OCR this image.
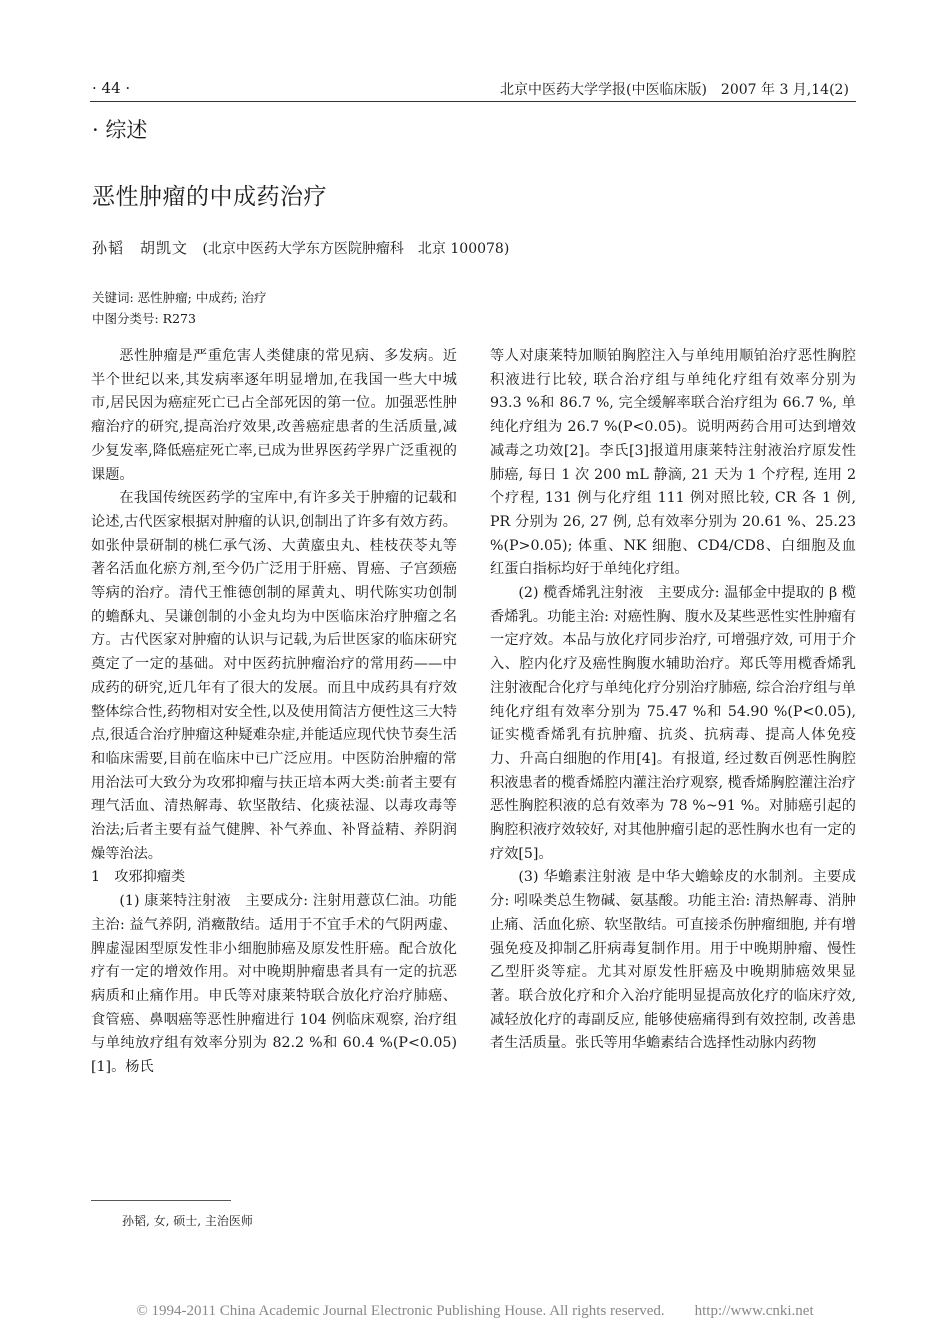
· 44 ·	北京中医药大学学报(中医临床版)　2007 年 3 月,14(2)
· 综述
恶性肿瘤的中成药治疗
孙韬　胡凯文 (北京中医药大学东方医院肿瘤科　北京 100078)
关键词: 恶性肿瘤; 中成药; 治疗
中图分类号: R273

恶性肿瘤是严重危害人类健康的常见病、多发病。近半个世纪以来,其发病率逐年明显增加,在我国一些大中城市,居民因为癌症死亡已占全部死因的第一位。加强恶性肿瘤治疗的研究,提高治疗效果,改善癌症患者的生活质量,减少复发率,降低癌症死亡率,已成为世界医药学界广泛重视的课题。

在我国传统医药学的宝库中,有许多关于肿瘤的记载和论述,古代医家根据对肿瘤的认识,创制出了许多有效方药。如张仲景研制的桃仁承气汤、大黄䗪虫丸、桂枝茯苓丸等著名活血化瘀方剂,至今仍广泛用于肝癌、胃癌、子宫颈癌等病的治疗。清代王惟德创制的犀黄丸、明代陈实功创制的蟾酥丸、吴谦创制的小金丸均为中医临床治疗肿瘤之名方。古代医家对肿瘤的认识与记载,为后世医家的临床研究奠定了一定的基础。对中医药抗肿瘤治疗的常用药——中成药的研究,近几年有了很大的发展。而且中成药具有疗效整体综合性,药物相对安全性,以及使用简洁方便性这三大特点,很适合治疗肿瘤这种疑难杂症,并能适应现代快节奏生活和临床需要,目前在临床中已广泛应用。中医防治肿瘤的常用治法可大致分为攻邪抑瘤与扶正培本两大类:前者主要有理气活血、清热解毒、软坚散结、化痰祛湿、以毒攻毒等治法;后者主要有益气健脾、补气养血、补肾益精、养阴润燥等治法。

1　攻邪抑瘤类

(1) 康莱特注射液　主要成分: 注射用薏苡仁油。功能主治: 益气养阴, 消癥散结。适用于不宜手术的气阴两虚、脾虚湿困型原发性非小细胞肺癌及原发性肝癌。配合放化疗有一定的增效作用。对中晚期肿瘤患者具有一定的抗恶病质和止痛作用。申氏等对康莱特联合放化疗治疗肺癌、食管癌、鼻咽癌等恶性肿瘤进行 104 例临床观察, 治疗组与单纯放疗组有效率分别为 82.2 %和 60.4 %(P<0.05) [1]。杨氏

等人对康莱特加顺铂胸腔注入与单纯用顺铂治疗恶性胸腔积液进行比较, 联合治疗组与单纯化疗组有效率分别为 93.3 %和 86.7 %, 完全缓解率联合治疗组为 66.7 %, 单纯化疗组为 26.7 %(P<0.05)。说明两药合用可达到增效减毒之功效[2]。李氏[3]报道用康莱特注射液治疗原发性肺癌, 每日 1 次 200 mL 静滴, 21 天为 1 个疗程, 连用 2 个疗程, 131 例与化疗组 111 例对照比较, CR 各 1 例, PR 分别为 26, 27 例, 总有效率分别为 20.61 %、25.23 %(P>0.05); 体重、NK 细胞、CD4/CD8、白细胞及血红蛋白指标均好于单纯化疗组。

(2) 榄香烯乳注射液　主要成分: 温郁金中提取的 β 榄香烯乳。功能主治: 对癌性胸、腹水及某些恶性实性肿瘤有一定疗效。本品与放化疗同步治疗, 可增强疗效, 可用于介入、腔内化疗及癌性胸腹水辅助治疗。郑氏等用榄香烯乳注射液配合化疗与单纯化疗分别治疗肺癌, 综合治疗组与单纯化疗组有效率分别为 75.47 %和 54.90 %(P<0.05), 证实榄香烯乳有抗肿瘤、抗炎、抗病毒、提高人体免疫力、升高白细胞的作用[4]。有报道, 经过数百例恶性胸腔积液患者的榄香烯腔内灌注治疗观察, 榄香烯胸腔灌注治疗恶性胸腔积液的总有效率为 78 %~91 %。对肺癌引起的胸腔积液疗效较好, 对其他肿瘤引起的恶性胸水也有一定的疗效[5]。

(3) 华蟾素注射液 是中华大蟾蜍皮的水制剂。主要成分: 吲哚类总生物碱、氨基酸。功能主治: 清热解毒、消肿止痛、活血化瘀、软坚散结。可直接杀伤肿瘤细胞, 并有增强免疫及抑制乙肝病毒复制作用。用于中晚期肿瘤、慢性乙型肝炎等症。尤其对原发性肝癌及中晚期肺癌效果显著。联合放化疗和介入治疗能明显提高放化疗的临床疗效, 减轻放化疗的毒副反应, 能够使癌痛得到有效控制, 改善患者生活质量。张氏等用华蟾素结合选择性动脉内药物

孙韬, 女, 硕士, 主治医师
© 1994-2011 China Academic Journal Electronic Publishing House. All rights reserved.　　http://www.cnki.net
